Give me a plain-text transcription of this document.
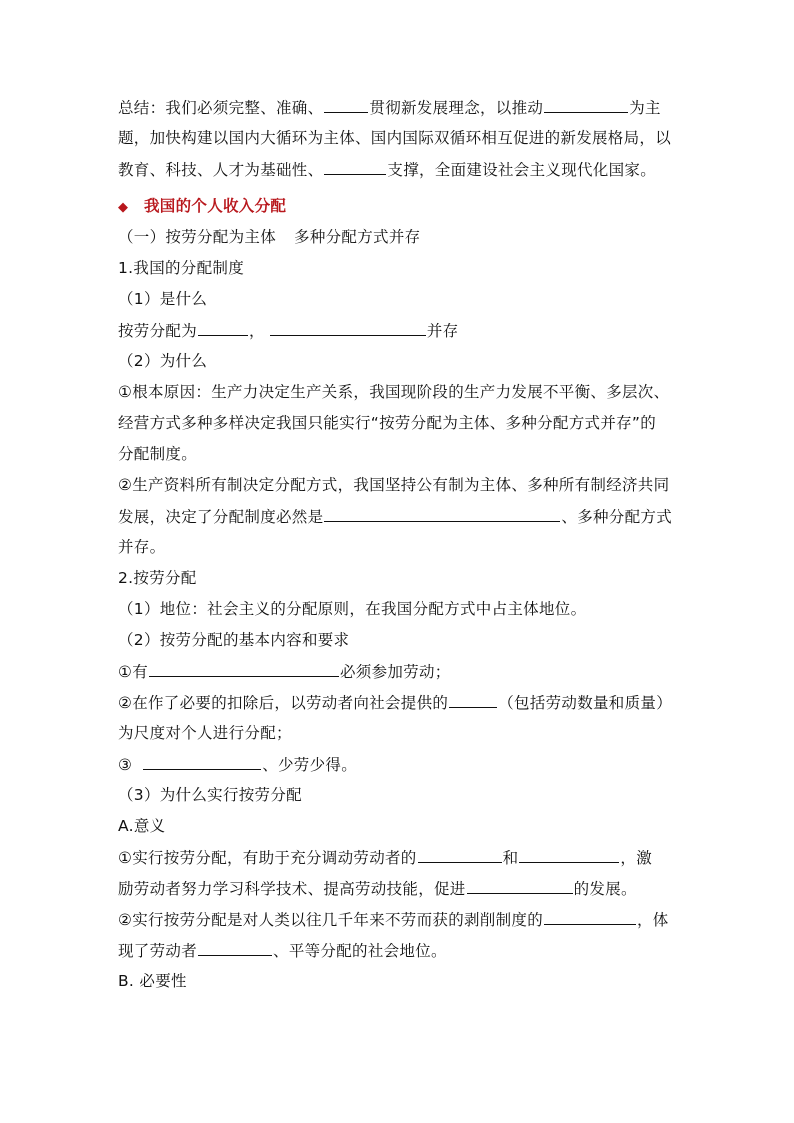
总结：我们必须完整、准确、	贯彻新发展理念，以推动	为主
题，加快构建以国内大循环为主体、国内国际双循环相互促进的新发展格局，以
教育、科技、人才为基础性、	支撑，全面建设社会主义现代化国家。
◆ 我国的个人收入分配
（一）按劳分配为主体 多种分配方式并存
1.我国的分配制度
（1）是什么
按劳分配为	，	并存
（2）为什么
①根本原因：生产力决定生产关系，我国现阶段的生产力发展不平衡、多层次、
经营方式多种多样决定我国只能实行“按劳分配为主体、多种分配方式并存”的
分配制度。
②生产资料所有制决定分配方式，我国坚持公有制为主体、多种所有制经济共同
发展，决定了分配制度必然是	、多种分配方式
并存。
2.按劳分配
（1）地位：社会主义的分配原则，在我国分配方式中占主体地位。
（2）按劳分配的基本内容和要求
①有	必须参加劳动；
②在作了必要的扣除后，以劳动者向社会提供的	（包括劳动数量和质量）
为尺度对个人进行分配；
③	、少劳少得。
（3）为什么实行按劳分配
A.意义
①实行按劳分配，有助于充分调动劳动者的	和	，激
励劳动者努力学习科学技术、提高劳动技能，促进	的发展。
②实行按劳分配是对人类以往几千年来不劳而获的剥削制度的	，体
现了劳动者	、平等分配的社会地位。
B. 必要性
